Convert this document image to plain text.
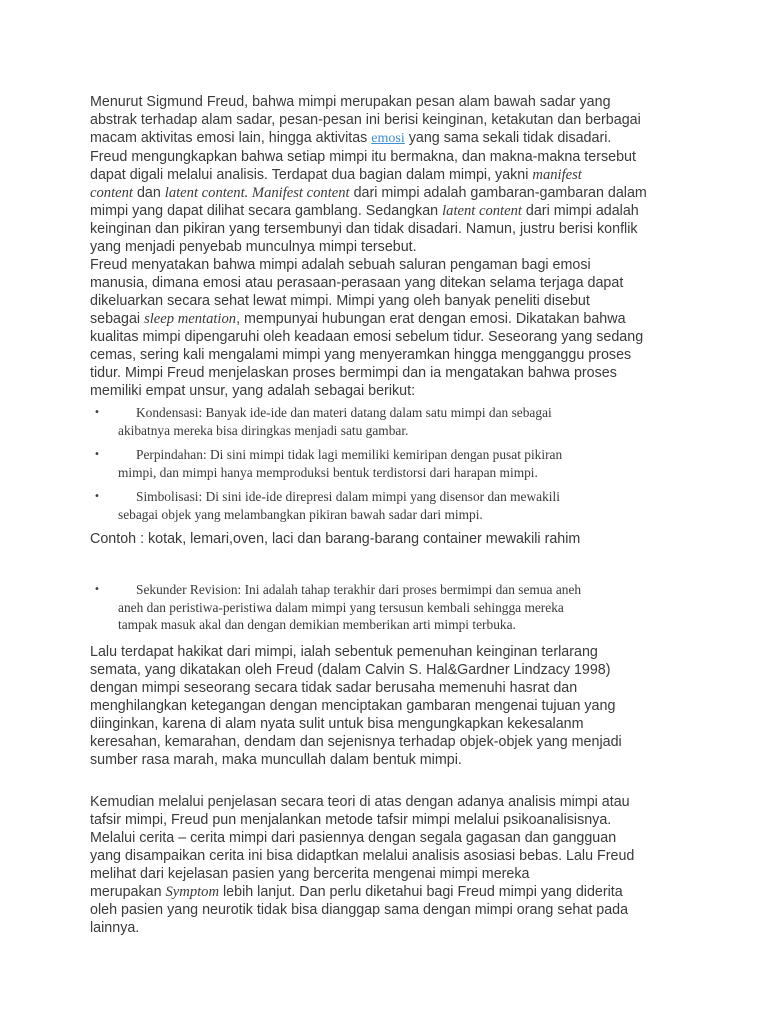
Menurut Sigmund Freud, bahwa mimpi merupakan pesan alam bawah sadar yang
abstrak terhadap alam sadar, pesan-pesan ini berisi keinginan, ketakutan dan berbagai
macam aktivitas emosi lain, hingga aktivitas emosi yang sama sekali tidak disadari.
Freud mengungkapkan bahwa setiap mimpi itu bermakna, dan makna-makna tersebut
dapat digali melalui analisis. Terdapat dua bagian dalam mimpi, yakni manifest
content dan latent content. Manifest content dari mimpi adalah gambaran-gambaran dalam
mimpi yang dapat dilihat secara gamblang. Sedangkan latent content dari mimpi adalah
keinginan dan pikiran yang tersembunyi dan tidak disadari. Namun, justru berisi konflik
yang menjadi penyebab munculnya mimpi tersebut.

Freud menyatakan bahwa mimpi adalah sebuah saluran pengaman bagi emosi
manusia, dimana emosi atau perasaan-perasaan yang ditekan selama terjaga dapat
dikeluarkan secara sehat lewat mimpi. Mimpi yang oleh banyak peneliti disebut
sebagai sleep mentation, mempunyai hubungan erat dengan emosi. Dikatakan bahwa
kualitas mimpi dipengaruhi oleh keadaan emosi sebelum tidur. Seseorang yang sedang
cemas, sering kali mengalami mimpi yang menyeramkan hingga mengganggu proses
tidur. Mimpi Freud menjelaskan proses bermimpi dan ia mengatakan bahwa proses
memiliki empat unsur, yang adalah sebagai berikut:

•	Kondensasi: Banyak ide-ide dan materi datang dalam satu mimpi dan sebagai
akibatnya mereka bisa diringkas menjadi satu gambar.
•	Perpindahan: Di sini mimpi tidak lagi memiliki kemiripan dengan pusat pikiran
mimpi, dan mimpi hanya memproduksi bentuk terdistorsi dari harapan mimpi.
•	Simbolisasi: Di sini ide-ide direpresi dalam mimpi yang disensor dan mewakili
sebagai objek yang melambangkan pikiran bawah sadar dari mimpi.

Contoh : kotak, lemari,oven, laci dan barang-barang container mewakili rahim

•	Sekunder Revision: Ini adalah tahap terakhir dari proses bermimpi dan semua aneh
aneh dan peristiwa-peristiwa dalam mimpi yang tersusun kembali sehingga mereka
tampak masuk akal dan dengan demikian memberikan arti mimpi terbuka.

Lalu terdapat hakikat dari mimpi, ialah sebentuk pemenuhan keinginan terlarang
semata, yang dikatakan oleh Freud (dalam Calvin S. Hal&Gardner Lindzacy 1998)
dengan mimpi seseorang secara tidak sadar berusaha memenuhi hasrat dan
menghilangkan ketegangan dengan menciptakan gambaran mengenai tujuan yang
diinginkan, karena di alam nyata sulit untuk bisa mengungkapkan kekesalanm
keresahan, kemarahan, dendam dan sejenisnya terhadap objek-objek yang menjadi
sumber rasa marah, maka muncullah dalam bentuk mimpi.

Kemudian melalui penjelasan secara teori di atas dengan adanya analisis mimpi atau
tafsir mimpi, Freud pun menjalankan metode tafsir mimpi melalui psikoanalisisnya.
Melalui cerita – cerita mimpi dari pasiennya dengan segala gagasan dan gangguan
yang disampaikan cerita ini bisa didaptkan melalui analisis asosiasi bebas. Lalu Freud
melihat dari kejelasan pasien yang bercerita mengenai mimpi mereka
merupakan Symptom lebih lanjut. Dan perlu diketahui bagi Freud mimpi yang diderita
oleh pasien yang neurotik tidak bisa dianggap sama dengan mimpi orang sehat pada
lainnya.
